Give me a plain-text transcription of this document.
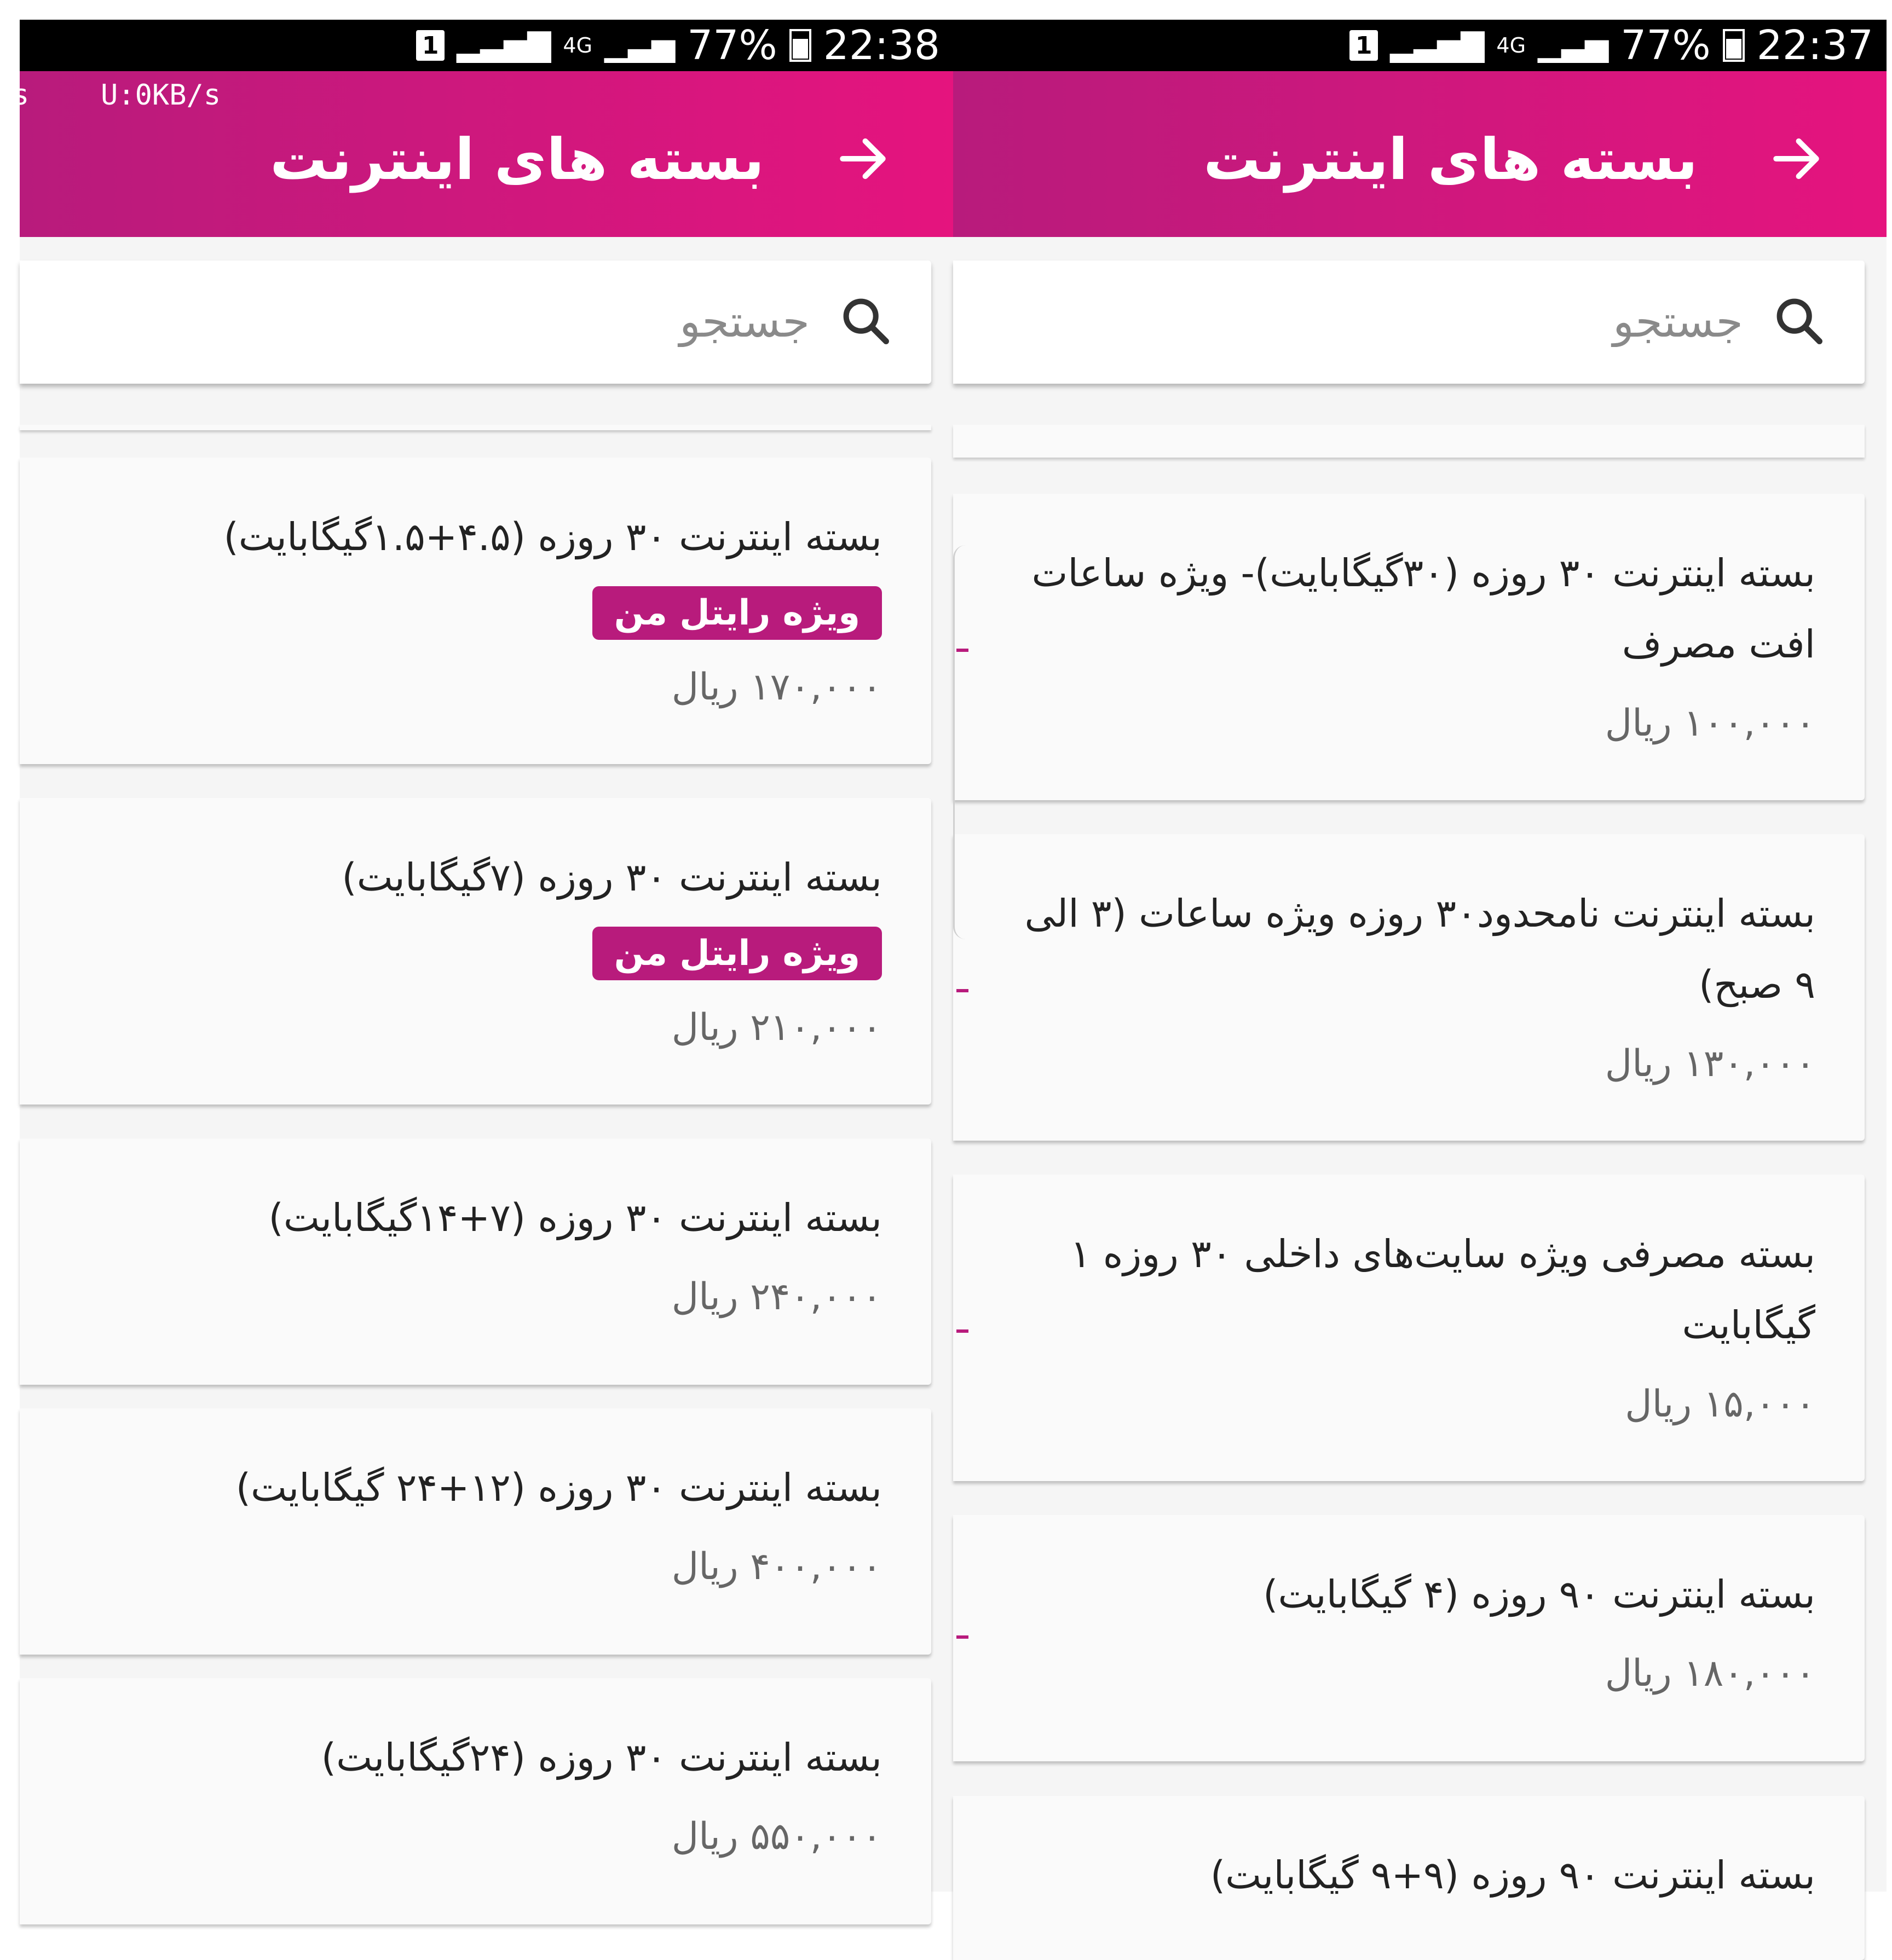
1 ▂▃▅▇ 4G ▁▃▅ 77% 22:38
s	U:0KB/s
بسته های اینترنت
جستجو
بسته اینترنت ۳۰ روزه (۴.۵+۱.۵گیگابایت)
ویژه رایتل من
۱۷۰,۰۰۰ ریال
بسته اینترنت ۳۰ روزه (۷گیگابایت)
ویژه رایتل من
۲۱۰,۰۰۰ ریال
بسته اینترنت ۳۰ روزه (۷+۱۴گیگابایت)
۲۴۰,۰۰۰ ریال
بسته اینترنت ۳۰ روزه (۱۲+۲۴ گیگابایت)
۴۰۰,۰۰۰ ریال
بسته اینترنت ۳۰ روزه (۲۴گیگابایت)
۵۵۰,۰۰۰ ریال
1 ▂▃▅▇ 4G ▁▃▅ 77% 22:37
بسته های اینترنت
جستجو
بسته اینترنت ۳۰ روزه (۳۰گیگابایت)- ویژه ساعات افت مصرف
۱۰۰,۰۰۰ ریال
بسته اینترنت نامحدود۳۰ روزه ویژه ساعات (۳ الی ۹ صبح)
۱۳۰,۰۰۰ ریال
بسته مصرفی ویژه سایت‌های داخلی ۳۰ روزه ۱ گیگابایت
۱۵,۰۰۰ ریال
بسته اینترنت ۹۰ روزه (۴ گیگابایت)
۱۸۰,۰۰۰ ریال
بسته اینترنت ۹۰ روزه (۹+۹ گیگابایت)
